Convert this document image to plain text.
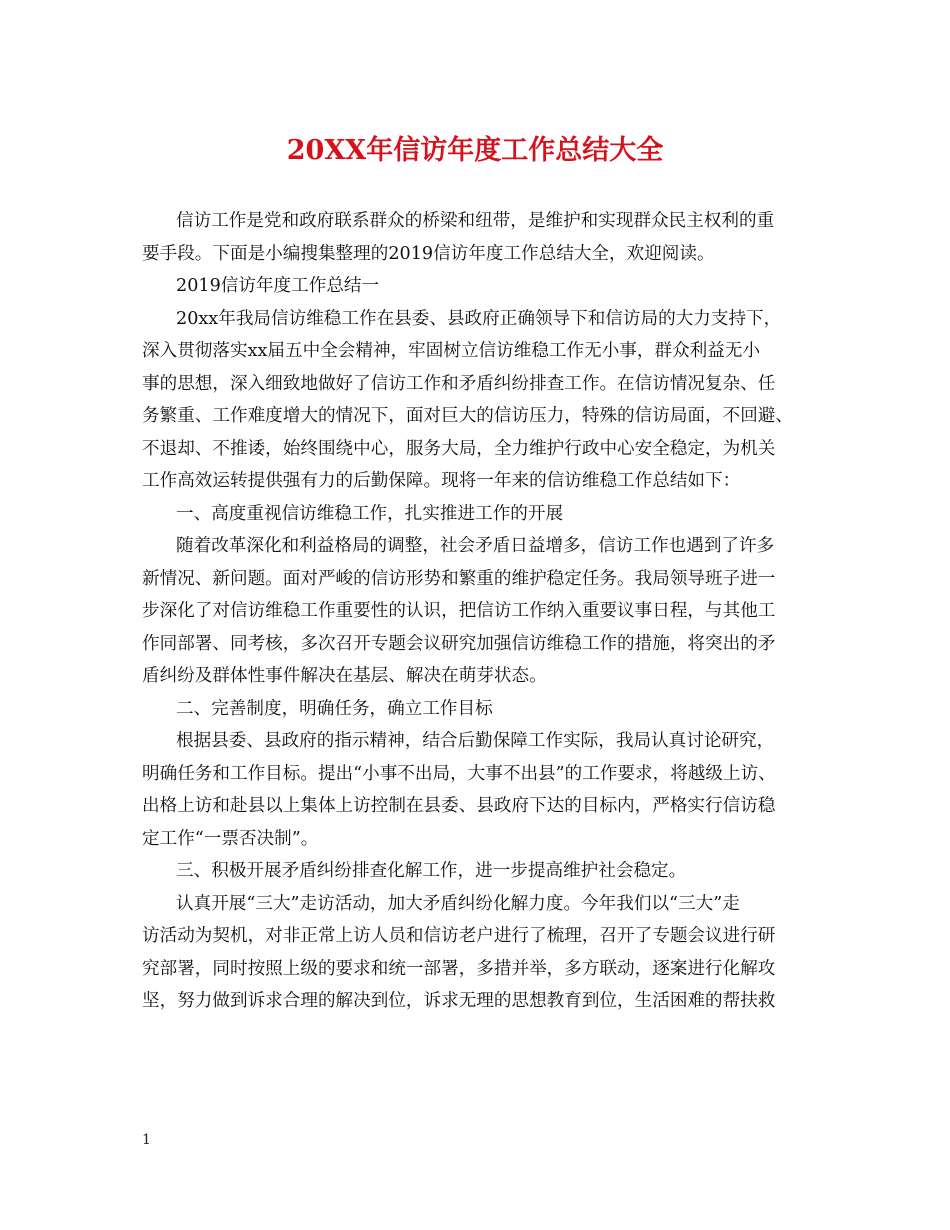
20XX年信访年度工作总结大全
信访工作是党和政府联系群众的桥梁和纽带，是维护和实现群众民主权利的重
要手段。下面是小编搜集整理的2019信访年度工作总结大全，欢迎阅读。
2019信访年度工作总结一
20xx年我局信访维稳工作在县委、县政府正确领导下和信访局的大力支持下，
深入贯彻落实xx届五中全会精神，牢固树立信访维稳工作无小事，群众利益无小
事的思想，深入细致地做好了信访工作和矛盾纠纷排查工作。在信访情况复杂、任
务繁重、工作难度增大的情况下，面对巨大的信访压力，特殊的信访局面，不回避、
不退却、不推诿，始终围绕中心，服务大局，全力维护行政中心安全稳定，为机关
工作高效运转提供强有力的后勤保障。现将一年来的信访维稳工作总结如下：
一、高度重视信访维稳工作，扎实推进工作的开展
随着改革深化和利益格局的调整，社会矛盾日益增多，信访工作也遇到了许多
新情况、新问题。面对严峻的信访形势和繁重的维护稳定任务。我局领导班子进一
步深化了对信访维稳工作重要性的认识，把信访工作纳入重要议事日程，与其他工
作同部署、同考核，多次召开专题会议研究加强信访维稳工作的措施，将突出的矛
盾纠纷及群体性事件解决在基层、解决在萌芽状态。
二、完善制度，明确任务，确立工作目标
根据县委、县政府的指示精神，结合后勤保障工作实际，我局认真讨论研究，
明确任务和工作目标。提出“小事不出局，大事不出县”的工作要求，将越级上访、
出格上访和赴县以上集体上访控制在县委、县政府下达的目标内，严格实行信访稳
定工作“一票否决制”。
三、积极开展矛盾纠纷排查化解工作，进一步提高维护社会稳定。
认真开展“三大”走访活动，加大矛盾纠纷化解力度。今年我们以“三大”走
访活动为契机，对非正常上访人员和信访老户进行了梳理，召开了专题会议进行研
究部署，同时按照上级的要求和统一部署，多措并举，多方联动，逐案进行化解攻
坚，努力做到诉求合理的解决到位，诉求无理的思想教育到位，生活困难的帮扶救
1
